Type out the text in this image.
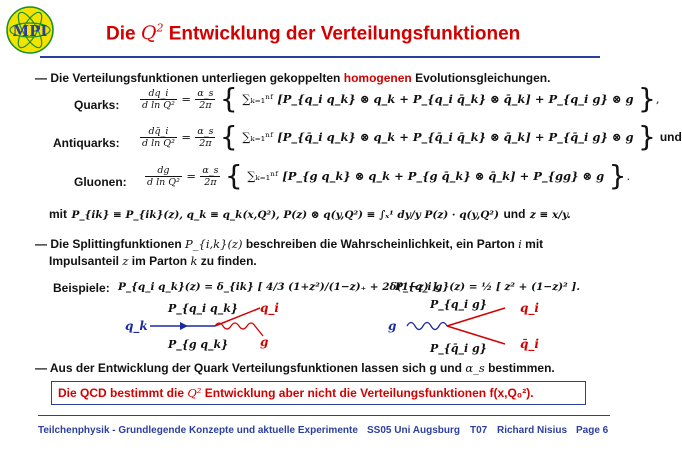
MPI	Die $Q^2$ Entwicklung der Verteilungsfunktionen
— Die Verteilungsfunktionen unterliegen gekoppelten homogenen Evolutionsgleichungen.
Quarks: $\frac{dq\_i}{\text{d ln Q²}} = \frac{\alpha\_s}{2\pi}$ { ∑ₖ₌₁ⁿᶠ [P_{q_i q_k} ⊗ q_k + P_{q_i q̄_k} ⊗ q̄_k] + P_{q_i g} ⊗ g },
Antiquarks: $\frac{dq̄\_i}{\text{d ln Q²}} = \frac{\alpha\_s}{2\pi}$ { ∑ₖ₌₁ⁿᶠ [P_{q̄_i q_k} ⊗ q_k + P_{q̄_i q̄_k} ⊗ q̄_k] + P_{q̄_i g} ⊗ g } und
Gluonen: $\frac{dg}{\text{d ln Q²}} = \frac{\alpha\_s}{2\pi}$ { ∑ₖ₌₁ⁿᶠ [P_{g q_k} ⊗ q_k + P_{g q̄_k} ⊗ q̄_k] + P_{gg} ⊗ g }.
mit P_{ik} ≡ P_{ik}(z), q_k ≡ q_k(x,Q²), P(z) ⊗ q(y,Q²) ≡ ∫ₓ¹ dy/y P(z) · q(y,Q²) und z ≡ x/y.
— Die Splittingfunktionen P_{i,k}(z) beschreiben die Wahrscheinlichkeit, ein Parton i mit
Impulsanteil z im Parton k zu finden.
Beispiele: P_{q_i q_k}(z) = δ_{ik} [ 4/3 (1+z²)/(1−z)₊ + 2δ(1−z) ],
P_{q_i g}(z) = ½ [ z² + (1−z)² ].
q_k
P_{q_i q_k}
P_{g q_k}
q_i
g
g
P_{q_i g}
P_{q̄_i g}
q_i
q̄_i
— Aus der Entwicklung der Quark Verteilungsfunktionen lassen sich g und α_s bestimmen.
Die QCD bestimmt die Q² Entwicklung aber nicht die Verteilungsfunktionen f(x,Q₀²).
Teilchenphysik - Grundlegende Konzepte und aktuelle Experimente SS05 Uni Augsburg T07 Richard Nisius Page 6
